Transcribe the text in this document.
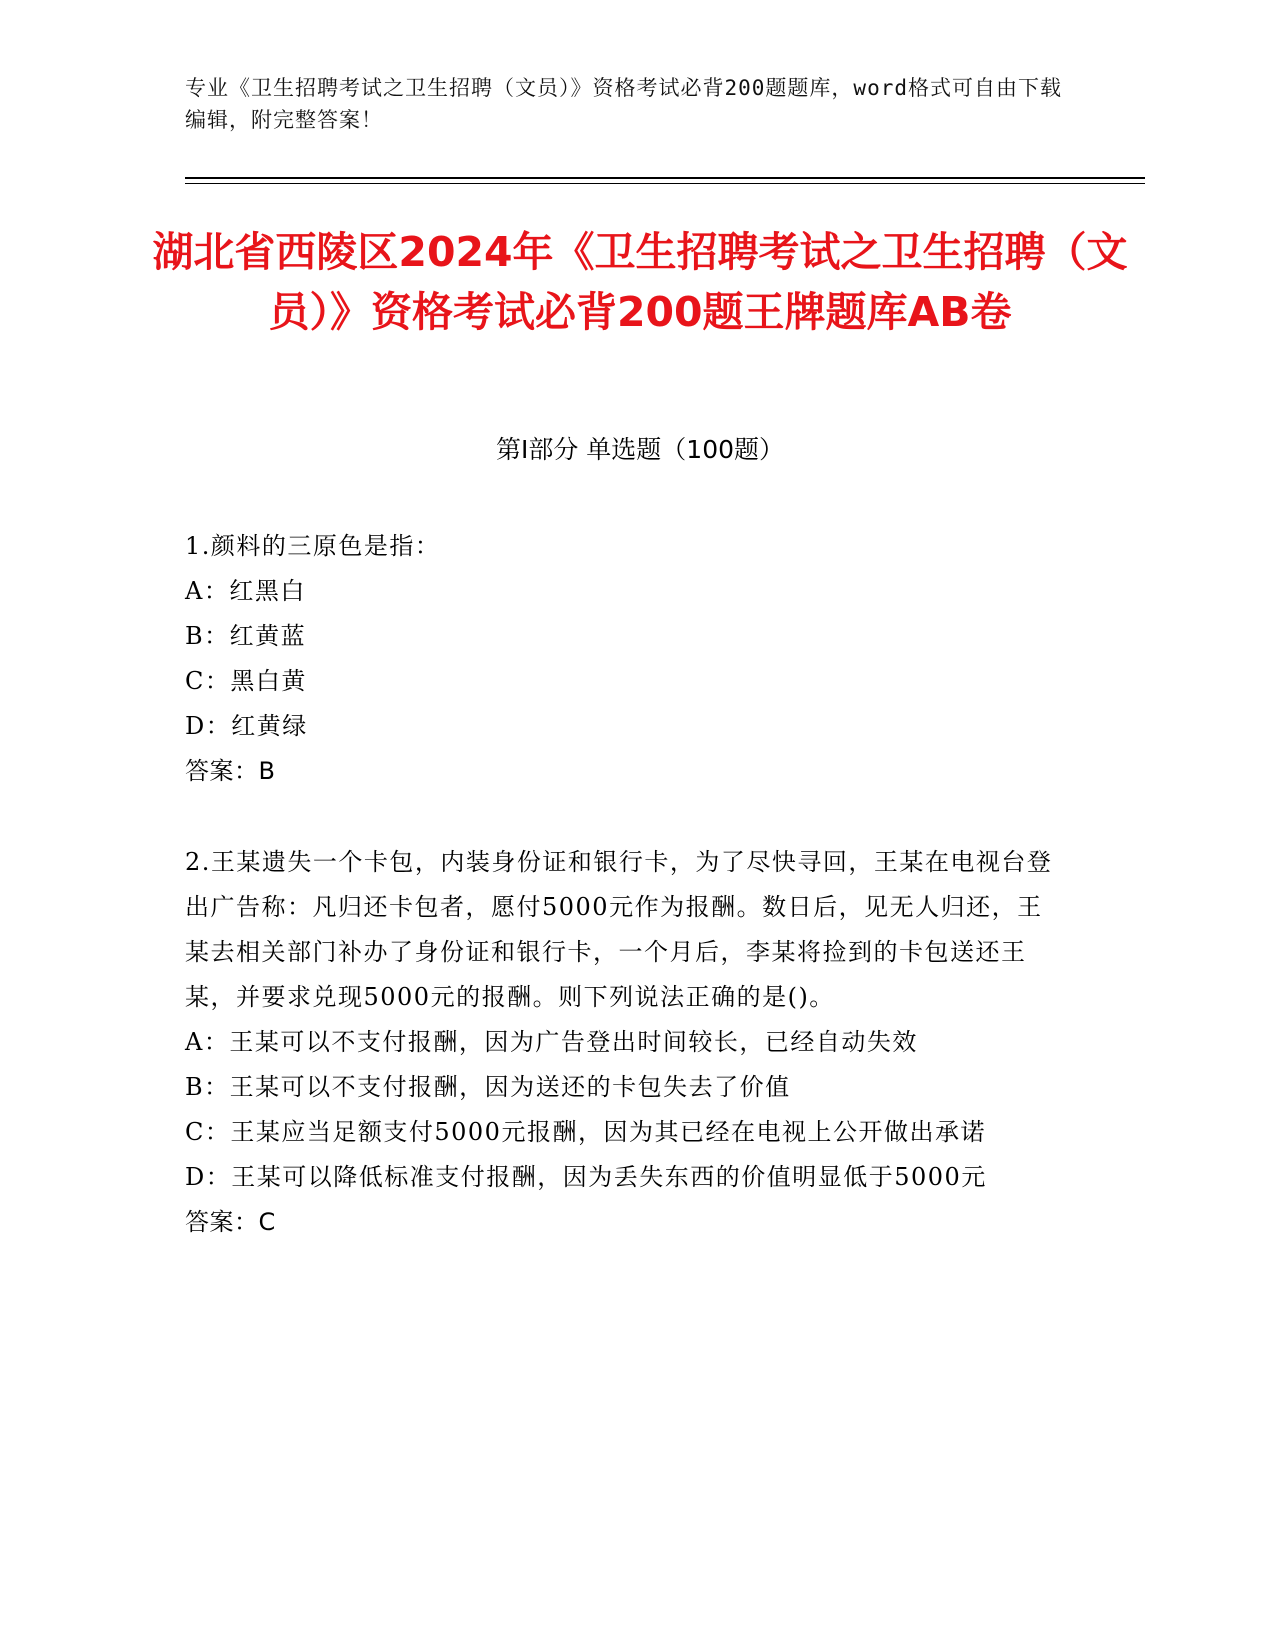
专业《卫生招聘考试之卫生招聘（文员）》资格考试必背200题题库，word格式可自由下载编辑，附完整答案！
湖北省西陵区2024年《卫生招聘考试之卫生招聘（文员）》资格考试必背200题王牌题库AB卷
第I部分 单选题（100题）

1.颜料的三原色是指：

A：红黑白

B：红黄蓝

C：黑白黄

D：红黄绿

答案：B

2.王某遗失一个卡包，内装身份证和银行卡，为了尽快寻回，王某在电视台登出广告称：凡归还卡包者，愿付5000元作为报酬。数日后，见无人归还，王某去相关部门补办了身份证和银行卡，一个月后，李某将捡到的卡包送还王某，并要求兑现5000元的报酬。则下列说法正确的是()。

A：王某可以不支付报酬，因为广告登出时间较长，已经自动失效

B：王某可以不支付报酬，因为送还的卡包失去了价值

C：王某应当足额支付5000元报酬，因为其已经在电视上公开做出承诺

D：王某可以降低标准支付报酬，因为丢失东西的价值明显低于5000元

答案：C
